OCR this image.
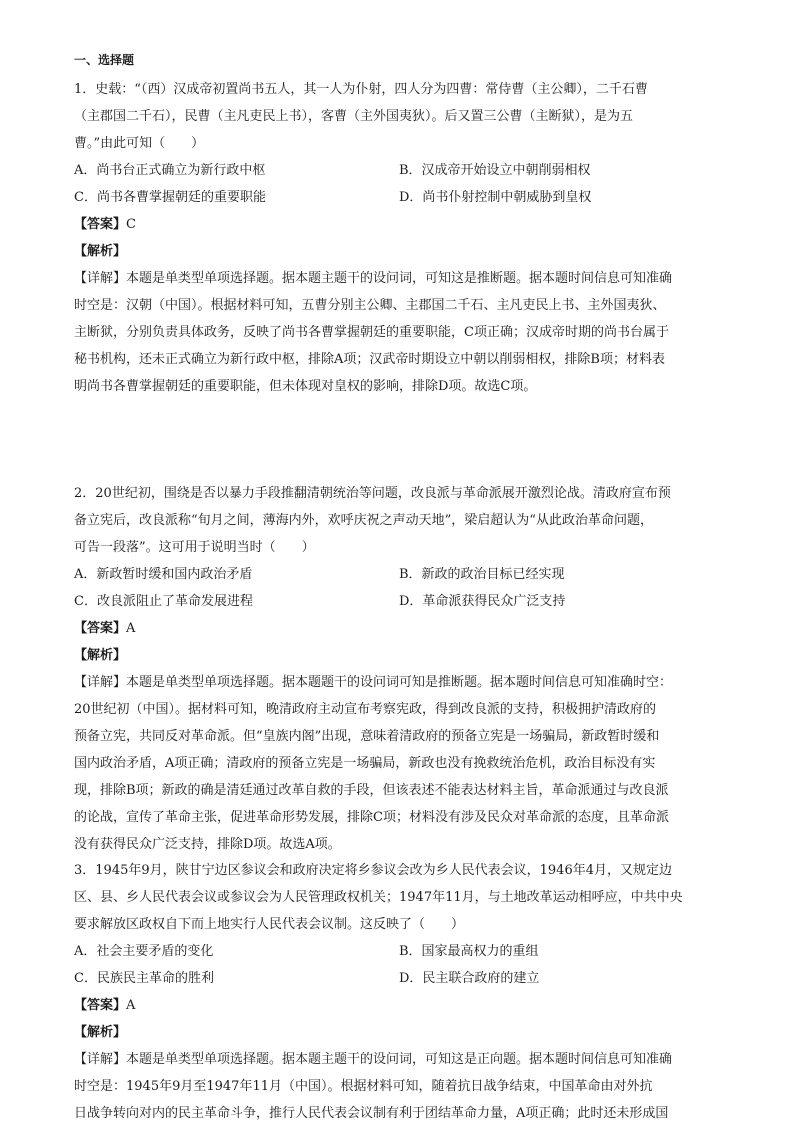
一、选择题
1．史载：“（西）汉成帝初置尚书五人，其一人为仆射，四人分为四曹：常侍曹（主公卿），二千石曹
（主郡国二千石），民曹（主凡吏民上书），客曹（主外国夷狄）。后又置三公曹（主断狱），是为五
曹。”由此可知（　　）
A．尚书台正式确立为新行政中枢	B．汉成帝开始设立中朝削弱相权
C．尚书各曹掌握朝廷的重要职能	D．尚书仆射控制中朝威胁到皇权
【答案】C
【解析】
【详解】本题是单类型单项选择题。据本题主题干的设问词，可知这是推断题。据本题时间信息可知准确
时空是：汉朝（中国）。根据材料可知，五曹分别主公卿、主郡国二千石、主凡吏民上书、主外国夷狄、
主断狱，分别负责具体政务，反映了尚书各曹掌握朝廷的重要职能，C项正确；汉成帝时期的尚书台属于
秘书机构，还未正式确立为新行政中枢，排除A项；汉武帝时期设立中朝以削弱相权，排除B项；材料表
明尚书各曹掌握朝廷的重要职能，但未体现对皇权的影响，排除D项。故选C项。
2．20世纪初，围绕是否以暴力手段推翻清朝统治等问题，改良派与革命派展开激烈论战。清政府宣布预
备立宪后，改良派称“旬月之间，薄海内外，欢呼庆祝之声动天地”，梁启超认为“从此政治革命问题，
可告一段落”。这可用于说明当时（　　）
A．新政暂时缓和国内政治矛盾	B．新政的政治目标已经实现
C．改良派阻止了革命发展进程	D．革命派获得民众广泛支持
【答案】A
【解析】
【详解】本题是单类型单项选择题。据本题题干的设问词可知是推断题。据本题时间信息可知准确时空：
20世纪初（中国）。据材料可知，晚清政府主动宣布考察宪政，得到改良派的支持，积极拥护清政府的
预备立宪，共同反对革命派。但“皇族内阁”出现，意味着清政府的预备立宪是一场骗局，新政暂时缓和
国内政治矛盾，A项正确；清政府的预备立宪是一场骗局，新政也没有挽救统治危机，政治目标没有实
现，排除B项；新政的确是清廷通过改革自救的手段，但该表述不能表达材料主旨，革命派通过与改良派
的论战，宣传了革命主张，促进革命形势发展，排除C项；材料没有涉及民众对革命派的态度，且革命派
没有获得民众广泛支持，排除D项。故选A项。
3．1945年9月，陕甘宁边区参议会和政府决定将乡参议会改为乡人民代表会议，1946年4月，又规定边
区、县、乡人民代表会议或参议会为人民管理政权机关；1947年11月，与土地改革运动相呼应，中共中央
要求解放区政权自下而上地实行人民代表会议制。这反映了（　　）
A．社会主要矛盾的变化	B．国家最高权力的重组
C．民族民主革命的胜利	D．民主联合政府的建立
【答案】A
【解析】
【详解】本题是单类型单项选择题。据本题主题干的设问词，可知这是正向题。据本题时间信息可知准确
时空是：1945年9月至1947年11月（中国）。根据材料可知，随着抗日战争结束，中国革命由对外抗
日战争转向对内的民主革命斗争，推行人民代表会议制有利于团结革命力量，A项正确；此时还未形成国
